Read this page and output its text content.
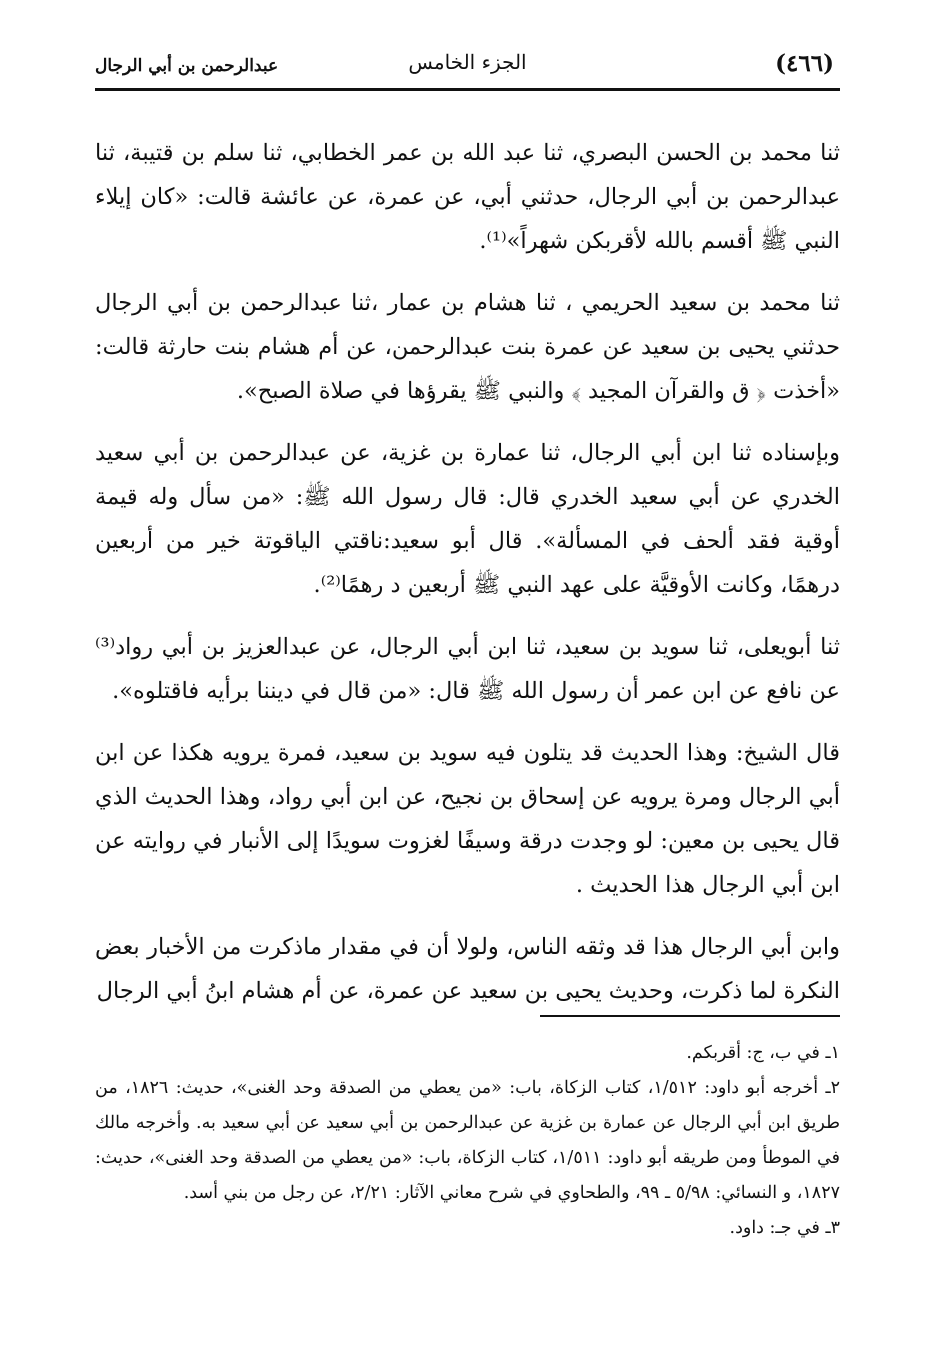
(٤٦٦)
الجزء الخامس
عبدالرحمن بن أبي الرجال

ثنا محمد بن الحسن البصري، ثنا عبد الله بن عمر الخطابي، ثنا سلم بن قتيبة، ثنا عبدالرحمن بن أبي الرجال، حدثني أبي، عن عمرة، عن عائشة قالت: «كان إيلاء النبي ﷺ أقسم بالله لأقربكن شهراً»⁽¹⁾.

ثنا محمد بن سعيد الحريمي ، ثنا هشام بن عمار ،ثنا عبدالرحمن بن أبي الرجال حدثني يحيى بن سعيد عن عمرة بنت عبدالرحمن، عن أم هشام بنت حارثة قالت: «أخذت ﴿ ق والقرآن المجيد ﴾ والنبي ﷺ يقرؤها في صلاة الصبح».

وبإسناده ثنا ابن أبي الرجال، ثنا عمارة بن غزية، عن عبدالرحمن بن أبي سعيد الخدري عن أبي سعيد الخدري قال: قال رسول الله ﷺ: «من سأل وله قيمة أوقية فقد ألحف في المسألة». قال أبو سعيد:ناقتي الياقوتة خير من أربعين درهمًا، وكانت الأوقيَّة على عهد النبي ﷺ أربعين د رهمًا⁽²⁾.

ثنا أبويعلى، ثنا سويد بن سعيد، ثنا ابن أبي الرجال، عن عبدالعزيز بن أبي رواد⁽³⁾عن نافع عن ابن عمر أن رسول الله ﷺ قال: «من قال في ديننا برأيه فاقتلوه».

قال الشيخ: وهذا الحديث قد يتلون فيه سويد بن سعيد، فمرة يرويه هكذا عن ابن أبي الرجال ومرة يرويه عن إسحاق بن نجيح، عن ابن أبي رواد، وهذا الحديث الذي قال يحيى بن معين: لو وجدت درقة وسيفًا لغزوت سويدًا إلى الأنبار في روايته عن ابن أبي الرجال هذا الحديث .

وابن أبي الرجال هذا قد وثقه الناس، ولولا أن في مقدار ماذكرت من الأخبار بعض النكرة لما ذكرت، وحديث يحيى بن سعيد عن عمرة، عن أم هشام ابنُ أبي الرجال

١ـ في ب، ج: أقربكم.

٢ـ أخرجه أبو داود: ١/٥١٢، كتاب الزكاة، باب: «من يعطي من الصدقة وحد الغنى»، حديث: ١٨٢٦، من طريق ابن أبي الرجال عن عمارة بن غزية عن عبدالرحمن بن أبي سعيد عن أبي سعيد به. وأخرجه مالك في الموطأ ومن طريقه أبو داود: ١/٥١١، كتاب الزكاة، باب: «من يعطي من الصدقة وحد الغنى»، حديث: ١٨٢٧، و النسائي: ٥/٩٨ ـ ٩٩، والطحاوي في شرح معاني الآثار: ٢/٢١، عن رجل من بني أسد.

٣ـ في جـ: داود.
